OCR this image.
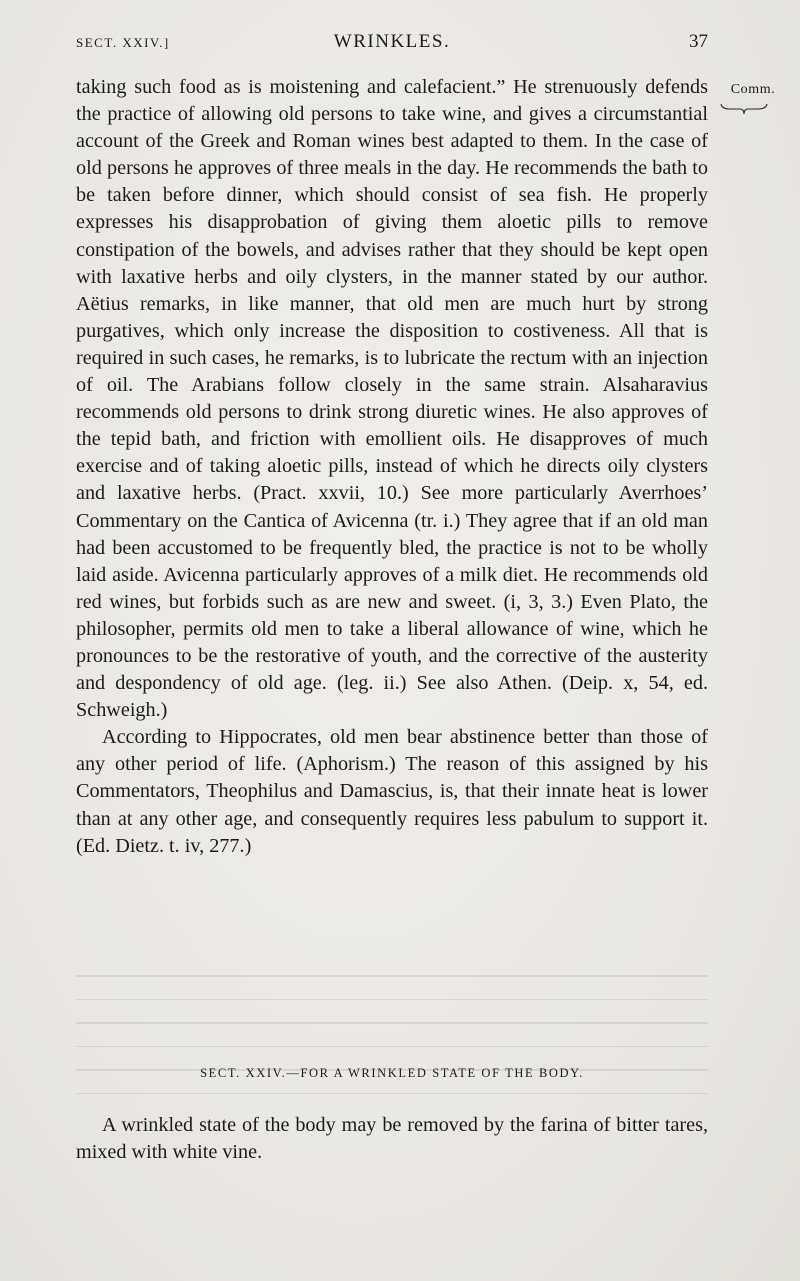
SECT. XXIV.]	WRINKLES.	37
Comm.

taking such food as is moistening and calefacient.” He strenuously defends the practice of allowing old persons to take wine, and gives a circumstantial account of the Greek and Roman wines best adapted to them. In the case of old persons he approves of three meals in the day. He recommends the bath to be taken before dinner, which should consist of sea fish. He properly expresses his disapprobation of giving them aloetic pills to remove constipation of the bowels, and advises rather that they should be kept open with laxative herbs and oily clysters, in the manner stated by our author. Aëtius remarks, in like manner, that old men are much hurt by strong purgatives, which only increase the disposition to costiveness. All that is required in such cases, he remarks, is to lubricate the rectum with an injection of oil. The Arabians follow closely in the same strain. Alsaharavius recommends old persons to drink strong diuretic wines. He also approves of the tepid bath, and friction with emollient oils. He disapproves of much exercise and of taking aloetic pills, instead of which he directs oily clysters and laxative herbs. (Pract. xxvii, 10.) See more particularly Averrhoes’ Commentary on the Cantica of Avicenna (tr. i.) They agree that if an old man had been accustomed to be frequently bled, the practice is not to be wholly laid aside. Avicenna particularly approves of a milk diet. He recommends old red wines, but forbids such as are new and sweet. (i, 3, 3.) Even Plato, the philosopher, permits old men to take a liberal allowance of wine, which he pronounces to be the restorative of youth, and the corrective of the austerity and despondency of old age. (leg. ii.) See also Athen. (Deip. x, 54, ed. Schweigh.)

According to Hippocrates, old men bear abstinence better than those of any other period of life. (Aphorism.) The reason of this assigned by his Commentators, Theophilus and Damascius, is, that their innate heat is lower than at any other age, and consequently requires less pabulum to support it. (Ed. Dietz. t. iv, 277.)

SECT. XXIV.—FOR A WRINKLED STATE OF THE BODY.

A wrinkled state of the body may be removed by the farina of bitter tares, mixed with white vine.
